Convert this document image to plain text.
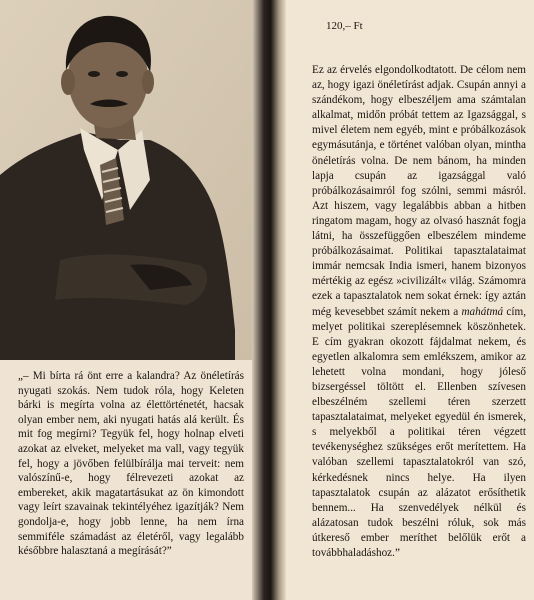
„– Mi bírta rá önt erre a kalandra? Az önéletírás nyugati szokás. Nem tudok róla, hogy Keleten bárki is megírta volna az élettörténetét, hacsak olyan ember nem, aki nyugati hatás alá került. És mit fog megírni? Tegyük fel, hogy holnap elveti azokat az elveket, melyeket ma vall, vagy tegyük fel, hogy a jövőben felülbírálja mai terveit: nem valószínű-e, hogy félrevezeti azokat az embereket, akik magatartásukat az ön kimondott vagy leírt szavainak tekintélyéhez igazítják? Nem gondolja-e, hogy jobb lenne, ha nem írna semmiféle számadást az életéről, vagy legalább későbbre halasztaná a megírását?”

120,– Ft

Ez az érvelés elgondolkodtatott. De célom nem az, hogy igazi önéletírást adjak. Csupán annyi a szándékom, hogy elbeszéljem ama számtalan alkalmat, midőn próbát tettem az Igazsággal, s mivel életem nem egyéb, mint e próbálkozások egymásutánja, e történet valóban olyan, mintha önéletírás volna. De nem bánom, ha minden lapja csupán az igazsággal való próbálkozásaimról fog szólni, semmi másról. Azt hiszem, vagy legalábbis abban a hitben ringatom magam, hogy az olvasó hasznát fogja látni, ha összefüggően elbeszélem mindeme próbálkozásaimat. Politikai tapasztalataimat immár nemcsak India ismeri, hanem bizonyos mértékig az egész »civilizált« világ. Számomra ezek a tapasztalatok nem sokat érnek: így aztán még kevesebbet számít nekem a mahátmá cím, melyet politikai szereplésemnek köszönhetek. E cím gyakran okozott fájdalmat nekem, és egyetlen alkalomra sem emlékszem, amikor az lehetett volna mondani, hogy jóleső bizsergéssel töltött el. Ellenben szívesen elbeszélném szellemi téren szerzett tapasztalataimat, melyeket egyedül én ismerek, s melyekből a politikai téren végzett tevékenységhez szükséges erőt merítettem. Ha valóban szellemi tapasztalatokról van szó, kérkedésnek nincs helye. Ha ilyen tapasztalatok csupán az alázatot erősíthetik bennem... Ha szenvedélyek nélkül és alázatosan tudok beszélni róluk, sok más útkereső ember meríthet belőlük erőt a továbbhaladáshoz.”
